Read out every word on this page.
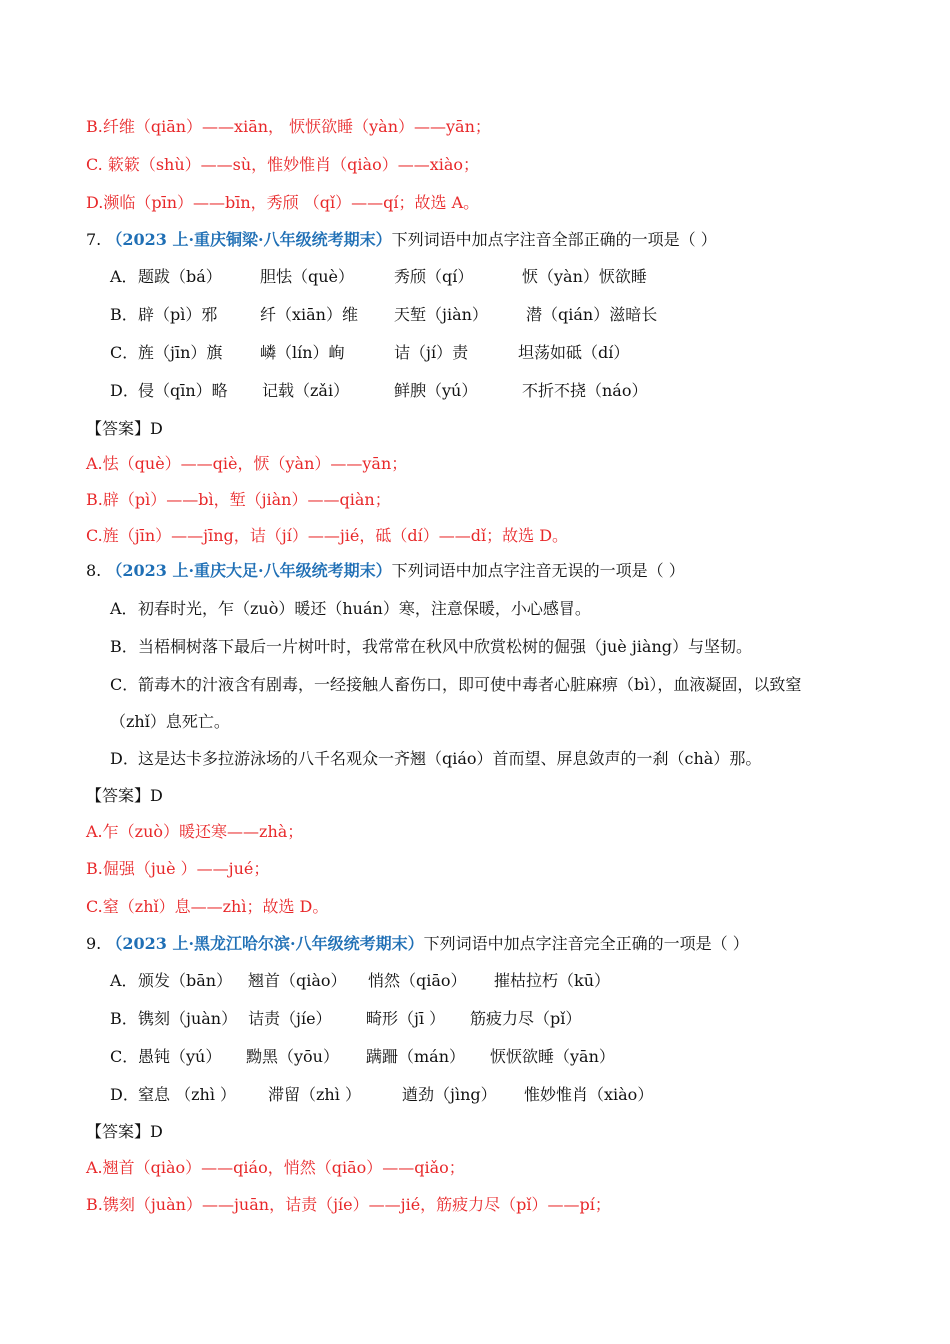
B.纤维（qiān）——xiān， 恹恹欲睡（yàn）——yān；
C. 簌簌（shù）——sù，惟妙惟肖（qiào）——xiào；
D.濒临（pīn）——bīn，秀颀 （qǐ）——qí；故选 A。
7. （2023 上·重庆铜梁·八年级统考期末）下列词语中加点字注音全部正确的一项是（ ）
A． 题跋（bá） 胆怯（què） 秀颀（qí）	恹（yàn）恹欲睡
B． 辟（pì）邪	纤（xiān）维 天堑（jiàn） 潜（qián）滋暗长
C． 旌（jīn）旗 嶙（lín）峋	诘（jí）责	坦荡如砥（dí）
D． 侵（qīn）略 记载（zǎi）	鲜腴（yú）	不折不挠（náo）
【答案】D
A.怯（què）——qiè，恹（yàn）——yān；
B.辟（pì）——bì，堑（jiàn）——qiàn；
C.旌（jīn）——jīng，诘（jí）——jié，砥（dí）——dǐ；故选 D。
8. （2023 上·重庆大足·八年级统考期末）下列词语中加点字注音无误的一项是（ ）
A． 初春时光，乍（zuò）暖还（huán）寒，注意保暖，小心感冒。
B． 当梧桐树落下最后一片树叶时，我常常在秋风中欣赏松树的倔强（juè jiàng）与坚韧。
C． 箭毒木的汁液含有剧毒，一经接触人畜伤口，即可使中毒者心脏麻痹（bì），血液凝固，以致窒
（zhǐ）息死亡。
D． 这是达卡多拉游泳场的八千名观众一齐翘（qiáo）首而望、屏息敛声的一刹（chà）那。
【答案】D
A.乍（zuò）暖还寒——zhà；
B.倔强（juè ）——jué；
C.窒（zhǐ）息——zhì；故选 D。
9. （2023 上·黑龙江哈尔滨·八年级统考期末）下列词语中加点字注音完全正确的一项是（ ）
A． 颁发（bān） 翘首（qiào） 悄然（qiāo） 摧枯拉朽（kū）
B． 镌刻（juàn） 诘责（jíe） 畸形（jī ） 筋疲力尽（pǐ）
C． 愚钝（yú） 黝黑（yōu） 蹒跚（mán） 恹恹欲睡（yān）
D． 窒息 （zhì ） 滞留（zhì ）	遒劲（jìng） 惟妙惟肖（xiào）
【答案】D
A.翘首（qiào）——qiáo，悄然（qiāo）——qiǎo；
B.镌刻（juàn）——juān，诘责（jíe）——jié，筋疲力尽（pǐ）——pí；
